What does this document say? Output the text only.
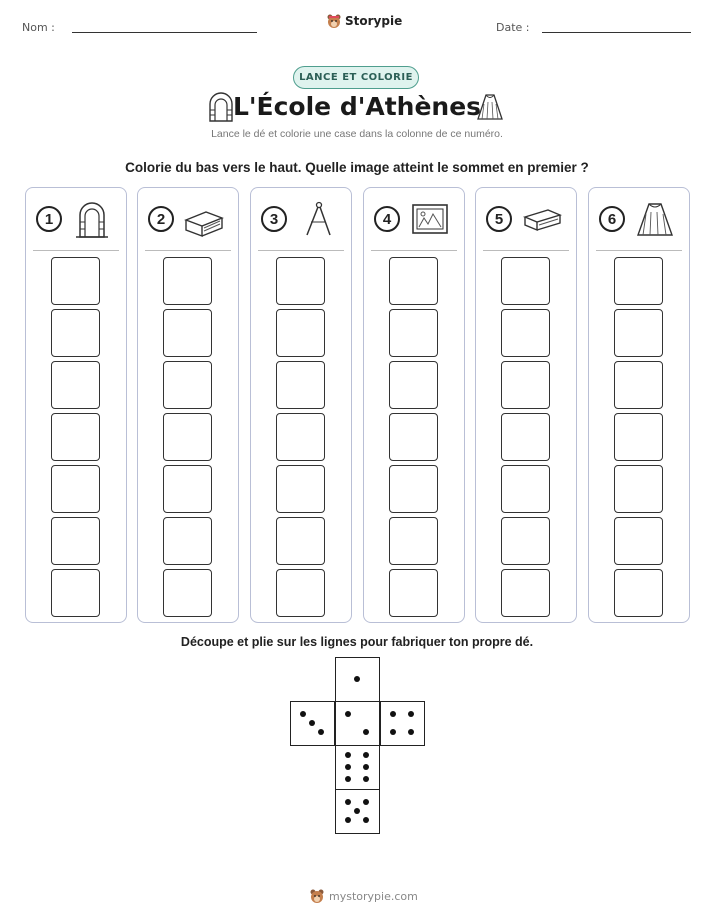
Nom :	Storypie	Date :
LANCE ET COLORIE
L'École d'Athènes
Lance le dé et colorie une case dans la colonne de ce numéro.
Colorie du bas vers le haut. Quelle image atteint le sommet en premier ?
1	2	3	4	5	6
Découpe et plie sur les lignes pour fabriquer ton propre dé.
mystorypie.com
